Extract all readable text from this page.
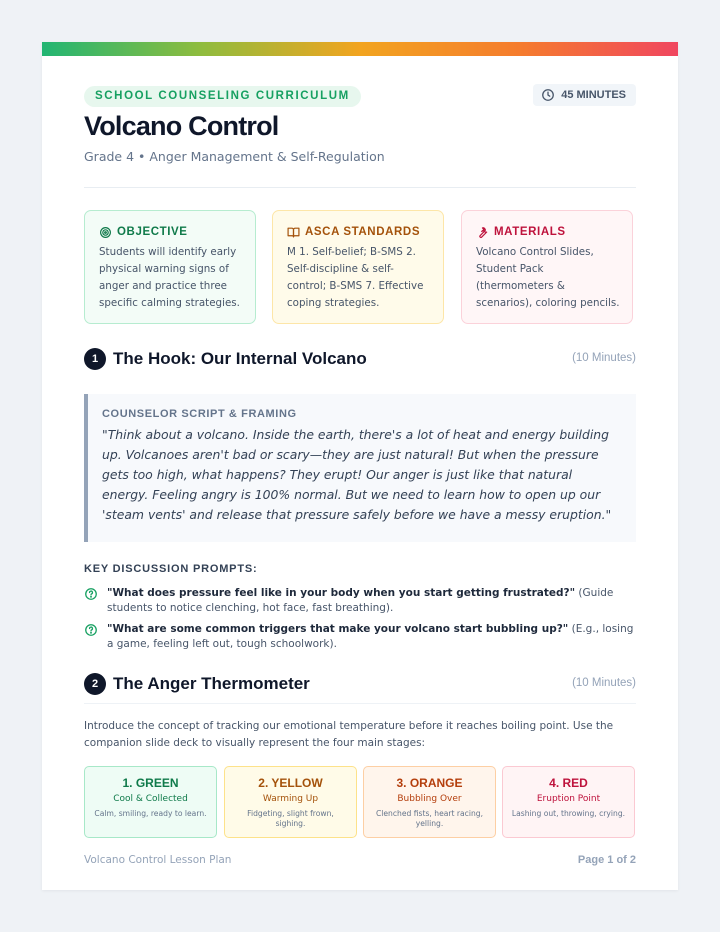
SCHOOL COUNSELING CURRICULUM	45 MINUTES
Volcano Control
Grade 4 • Anger Management & Self-Regulation
OBJECTIVE
Students will identify early physical warning signs of anger and practice three specific calming strategies.
ASCA STANDARDS
M 1. Self-belief; B-SMS 2. Self-discipline & self-control; B-SMS 7. Effective coping strategies.
MATERIALS
Volcano Control Slides, Student Pack (thermometers & scenarios), coloring pencils.
1 The Hook: Our Internal Volcano	(10 Minutes)
COUNSELOR SCRIPT & FRAMING
"Think about a volcano. Inside the earth, there's a lot of heat and energy building up. Volcanoes aren't bad or scary—they are just natural! But when the pressure gets too high, what happens? They erupt! Our anger is just like that natural energy. Feeling angry is 100% normal. But we need to learn how to open up our 'steam vents' and release that pressure safely before we have a messy eruption."
KEY DISCUSSION PROMPTS:
"What does pressure feel like in your body when you start getting frustrated?" (Guide students to notice clenching, hot face, fast breathing).
"What are some common triggers that make your volcano start bubbling up?" (E.g., losing a game, feeling left out, tough schoolwork).
2 The Anger Thermometer	(10 Minutes)
Introduce the concept of tracking our emotional temperature before it reaches boiling point. Use the companion slide deck to visually represent the four main stages:
1. GREEN
Cool & Collected
Calm, smiling, ready to learn.
2. YELLOW
Warming Up
Fidgeting, slight frown, sighing.
3. ORANGE
Bubbling Over
Clenched fists, heart racing, yelling.
4. RED
Eruption Point
Lashing out, throwing, crying.
Volcano Control Lesson Plan	Page 1 of 2
